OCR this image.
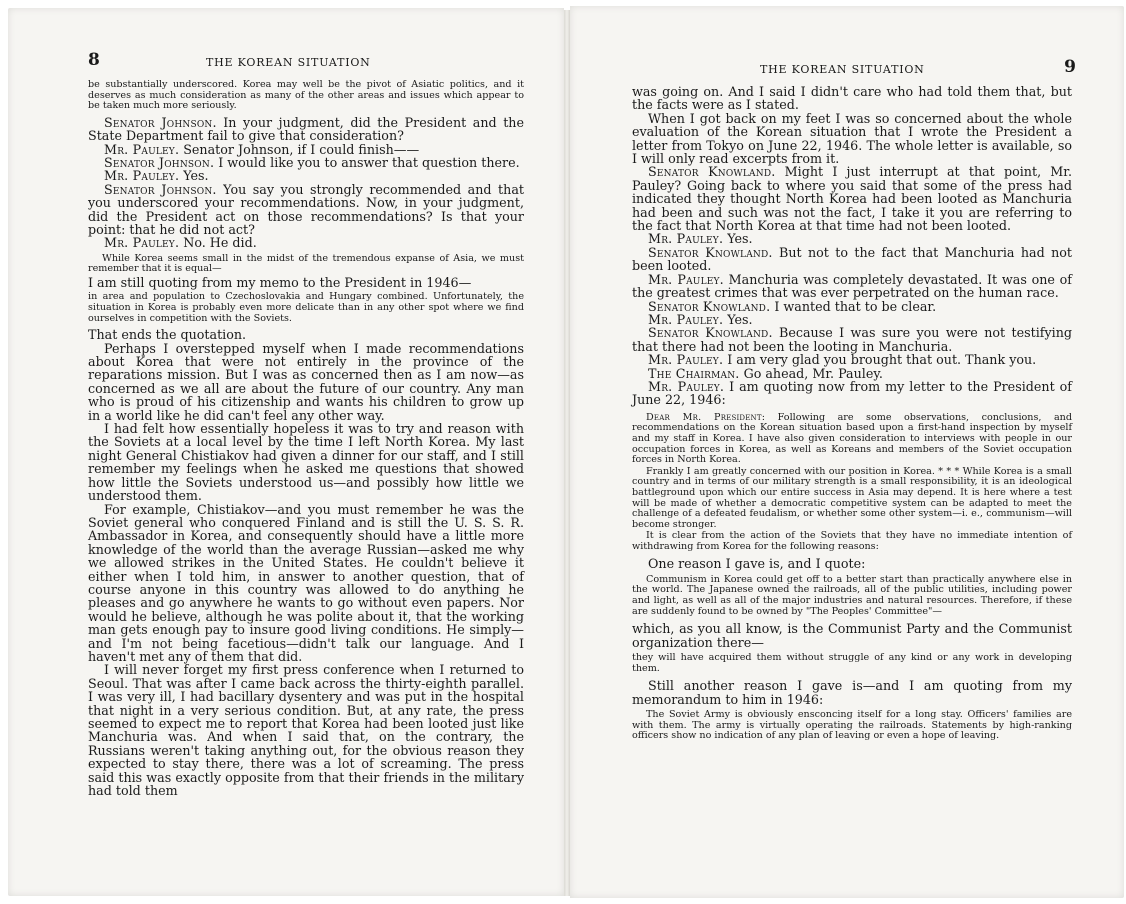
8	THE KOREAN SITUATION

be substantially underscored. Korea may well be the pivot of Asiatic politics, and it deserves as much consideration as many of the other areas and issues which appear to be taken much more seriously.

Senator Johnson. In your judgment, did the President and the State Department fail to give that consideration?

Mr. Pauley. Senator Johnson, if I could finish——

Senator Johnson. I would like you to answer that question there.

Mr. Pauley. Yes.

Senator Johnson. You say you strongly recommended and that you underscored your recommendations. Now, in your judgment, did the President act on those recommendations? Is that your point: that he did not act?

Mr. Pauley. No. He did.

While Korea seems small in the midst of the tremendous expanse of Asia, we must remember that it is equal—

I am still quoting from my memo to the President in 1946—

in area and population to Czechoslovakia and Hungary combined. Unfortunately, the situation in Korea is probably even more delicate than in any other spot where we find ourselves in competition with the Soviets.

That ends the quotation.

Perhaps I overstepped myself when I made recommendations about Korea that were not entirely in the province of the reparations mission. But I was as concerned then as I am now—as concerned as we all are about the future of our country. Any man who is proud of his citizenship and wants his children to grow up in a world like he did can't feel any other way.

I had felt how essentially hopeless it was to try and reason with the Soviets at a local level by the time I left North Korea. My last night General Chistiakov had given a dinner for our staff, and I still remember my feelings when he asked me questions that showed how little the Soviets understood us—and possibly how little we understood them.

For example, Chistiakov—and you must remember he was the Soviet general who conquered Finland and is still the U. S. S. R. Ambassador in Korea, and consequently should have a little more knowledge of the world than the average Russian—asked me why we allowed strikes in the United States. He couldn't believe it either when I told him, in answer to another question, that of course anyone in this country was allowed to do anything he pleases and go anywhere he wants to go without even papers. Nor would he believe, although he was polite about it, that the working man gets enough pay to insure good living conditions. He simply—and I'm not being facetious—didn't talk our language. And I haven't met any of them that did.

I will never forget my first press conference when I returned to Seoul. That was after I came back across the thirty-eighth parallel. I was very ill, I had bacillary dysentery and was put in the hospital that night in a very serious condition. But, at any rate, the press seemed to expect me to report that Korea had been looted just like Manchuria was. And when I said that, on the contrary, the Russians weren't taking anything out, for the obvious reason they expected to stay there, there was a lot of screaming. The press said this was exactly opposite from that their friends in the military had told them

THE KOREAN SITUATION	9

was going on. And I said I didn't care who had told them that, but the facts were as I stated.

When I got back on my feet I was so concerned about the whole evaluation of the Korean situation that I wrote the President a letter from Tokyo on June 22, 1946. The whole letter is available, so I will only read excerpts from it.

Senator Knowland. Might I just interrupt at that point, Mr. Pauley? Going back to where you said that some of the press had indicated they thought North Korea had been looted as Manchuria had been and such was not the fact, I take it you are referring to the fact that North Korea at that time had not been looted.

Mr. Pauley. Yes.

Senator Knowland. But not to the fact that Manchuria had not been looted.

Mr. Pauley. Manchuria was completely devastated. It was one of the greatest crimes that was ever perpetrated on the human race.

Senator Knowland. I wanted that to be clear.

Mr. Pauley. Yes.

Senator Knowland. Because I was sure you were not testifying that there had not been the looting in Manchuria.

Mr. Pauley. I am very glad you brought that out. Thank you.

The Chairman. Go ahead, Mr. Pauley.

Mr. Pauley. I am quoting now from my letter to the President of June 22, 1946:

Dear Mr. President: Following are some observations, conclusions, and recommendations on the Korean situation based upon a first-hand inspection by myself and my staff in Korea. I have also given consideration to interviews with people in our occupation forces in Korea, as well as Koreans and members of the Soviet occupation forces in North Korea.

Frankly I am greatly concerned with our position in Korea. * * * While Korea is a small country and in terms of our military strength is a small responsibility, it is an ideological battleground upon which our entire success in Asia may depend. It is here where a test will be made of whether a democratic competitive system can be adapted to meet the challenge of a defeated feudalism, or whether some other system—i. e., communism—will become stronger.

It is clear from the action of the Soviets that they have no immediate intention of withdrawing from Korea for the following reasons:

One reason I gave is, and I quote:

Communism in Korea could get off to a better start than practically anywhere else in the world. The Japanese owned the railroads, all of the public utilities, including power and light, as well as all of the major industries and natural resources. Therefore, if these are suddenly found to be owned by "The Peoples' Committee"—

which, as you all know, is the Communist Party and the Communist organization there—

they will have acquired them without struggle of any kind or any work in developing them.

Still another reason I gave is—and I am quoting from my memorandum to him in 1946:

The Soviet Army is obviously ensconcing itself for a long stay. Officers' families are with them. The army is virtually operating the railroads. Statements by high-ranking officers show no indication of any plan of leaving or even a hope of leaving.
